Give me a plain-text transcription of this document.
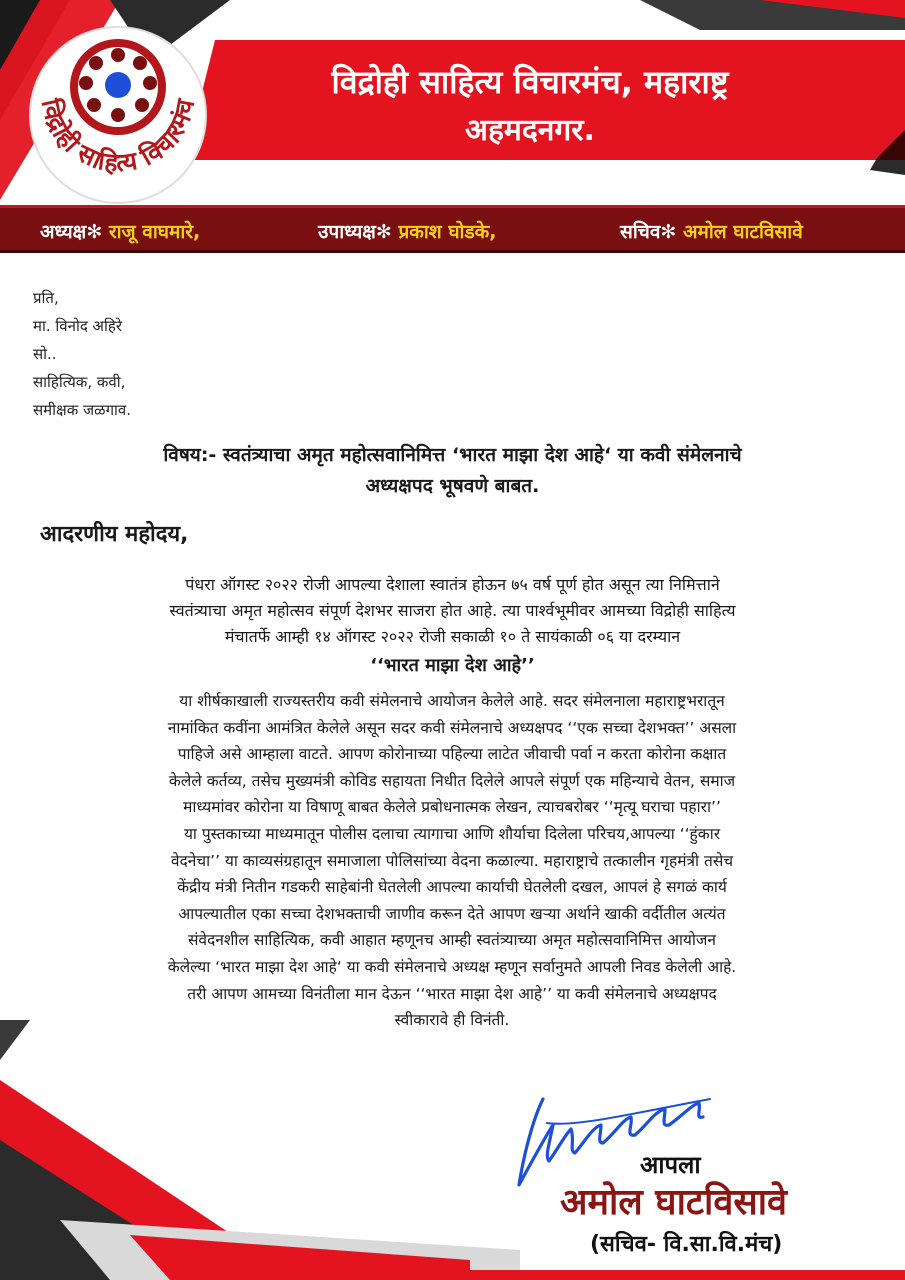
विद्रोही साहित्य विचारमंच, महाराष्ट्र
अहमदनगर.
विद्रोही साहित्य विचारमंच
अध्यक्ष✻ राजू वाघमारे,	उपाध्यक्ष✻ प्रकाश घोडके,	सचिव✻ अमोल घाटविसावे
प्रति,
मा. विनोद अहिरे
सो..
साहित्यिक, कवी,
समीक्षक जळगाव.
विषय:- स्वतंत्र्याचा अमृत महोत्सवानिमित्त ‘भारत माझा देश आहे‘ या कवी संमेलनाचे
अध्यक्षपद भूषवणे बाबत.
आदरणीय महोदय,
पंधरा ऑगस्ट २०२२ रोजी आपल्या देशाला स्वातंत्र होऊन ७५ वर्ष पूर्ण होत असून त्या निमित्ताने
स्वतंत्र्याचा अमृत महोत्सव संपूर्ण देशभर साजरा होत आहे. त्या पार्श्वभूमीवर आमच्या विद्रोही साहित्य
मंचातर्फे आम्ही १४ ऑगस्ट २०२२ रोजी सकाळी १० ते सायंकाळी ०६ या दरम्यान
‘‘भारत माझा देश आहे’’
या शीर्षकाखाली राज्यस्तरीय कवी संमेलनाचे आयोजन केलेले आहे. सदर संमेलनाला महाराष्ट्रभरातून
नामांकित कवींना आमंत्रित केलेले असून सदर कवी संमेलनाचे अध्यक्षपद ‘‘एक सच्चा देशभक्त’’ असला
पाहिजे असे आम्हाला वाटते. आपण कोरोनाच्या पहिल्या लाटेत जीवाची पर्वा न करता कोरोना कक्षात
केलेले कर्तव्य, तसेच मुख्यमंत्री कोविड सहायता निधीत दिलेले आपले संपूर्ण एक महिन्याचे वेतन, समाज
माध्यमांवर कोरोना या विषाणू बाबत केलेले प्रबोधनात्मक लेखन, त्याचबरोबर ‘‘मृत्यू घराचा पहारा’’
या पुस्तकाच्या माध्यमातून पोलीस दलाचा त्यागाचा आणि शौर्याचा दिलेला परिचय,आपल्या ‘‘हुंकार
वेदनेचा’’ या काव्यसंग्रहातून समाजाला पोलिसांच्या वेदना कळाल्या. महाराष्ट्राचे तत्कालीन गृहमंत्री तसेच
केंद्रीय मंत्री नितीन गडकरी साहेबांनी घेतलेली आपल्या कार्याची घेतलेली दखल, आपलं हे सगळं कार्य
आपल्यातील एका सच्चा देशभक्ताची जाणीव करून देते आपण खऱ्या अर्थाने खाकी वर्दीतील अत्यंत
संवेदनशील साहित्यिक, कवी आहात म्हणूनच आम्ही स्वतंत्र्याच्या अमृत महोत्सवानिमित्त आयोजन
केलेल्या ‘भारत माझा देश आहे‘ या कवी संमेलनाचे अध्यक्ष म्हणून सर्वानुमते आपली निवड केलेली आहे.
तरी आपण आमच्या विनंतीला मान देऊन ‘‘भारत माझा देश आहे’’ या कवी संमेलनाचे अध्यक्षपद
स्वीकारावे ही विनंती.
आपला
अमोल घाटविसावे
(सचिव- वि.सा.वि.मंच)
